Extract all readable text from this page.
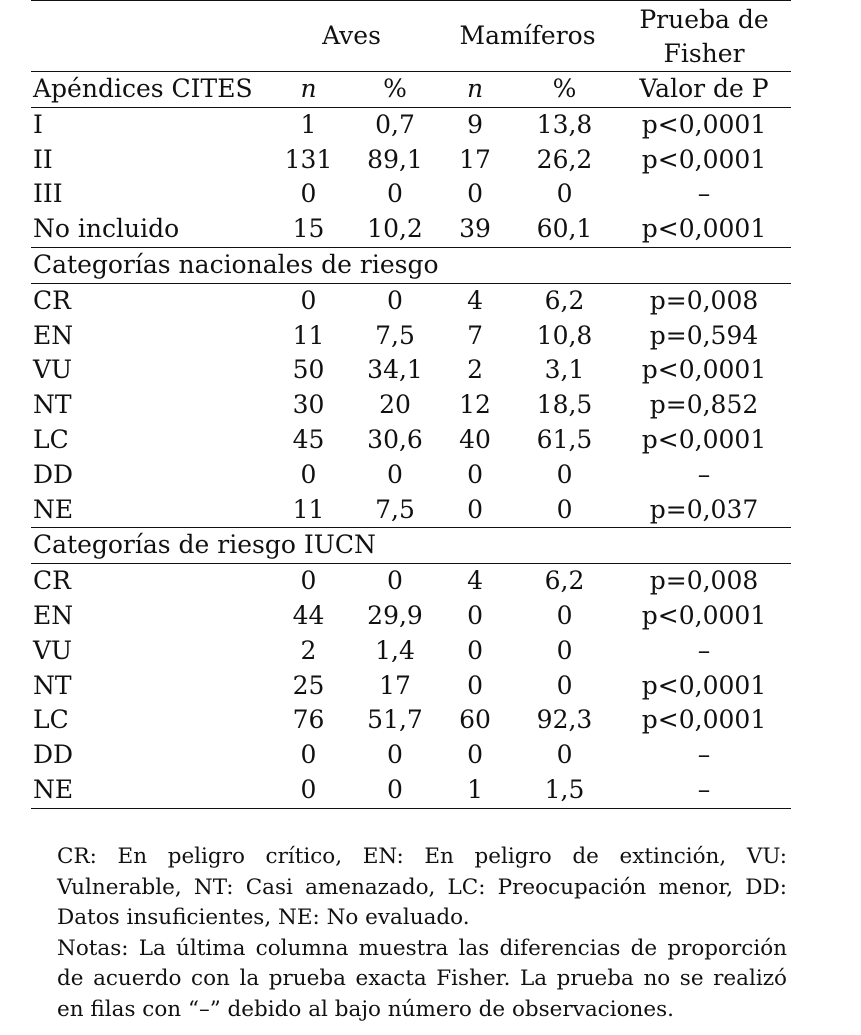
	Aves		Mamíferos		Prueba de
					Fisher
Apéndices CITES	n	%	n	%	Valor de P
I	1	0,7	9	13,8	p<0,0001
II	131	89,1	17	26,2	p<0,0001
III	0	0	0	0	–
No incluido	15	10,2	39	60,1	p<0,0001
Categorías nacionales de riesgo					
CR	0	0	4	6,2	p=0,008
EN	11	7,5	7	10,8	p=0,594
VU	50	34,1	2	3,1	p<0,0001
NT	30	20	12	18,5	p=0,852
LC	45	30,6	40	61,5	p<0,0001
DD	0	0	0	0	–
NE	11	7,5	0	0	p=0,037
Categorías de riesgo IUCN					
CR	0	0	4	6,2	p=0,008
EN	44	29,9	0	0	p<0,0001
VU	2	1,4	0	0	–
NT	25	17	0	0	p<0,0001
LC	76	51,7	60	92,3	p<0,0001
DD	0	0	0	0	–
NE	0	0	1	1,5	–

CR: En peligro crítico, EN: En peligro de extinción, VU: Vulnerable, NT: Casi amenazado, LC: Preocupación menor, DD: Datos insuficientes, NE: No evaluado.

Notas: La última columna muestra las diferencias de proporción de acuerdo con la prueba exacta Fisher. La prueba no se realizó en filas con “–” debido al bajo número de observaciones.
